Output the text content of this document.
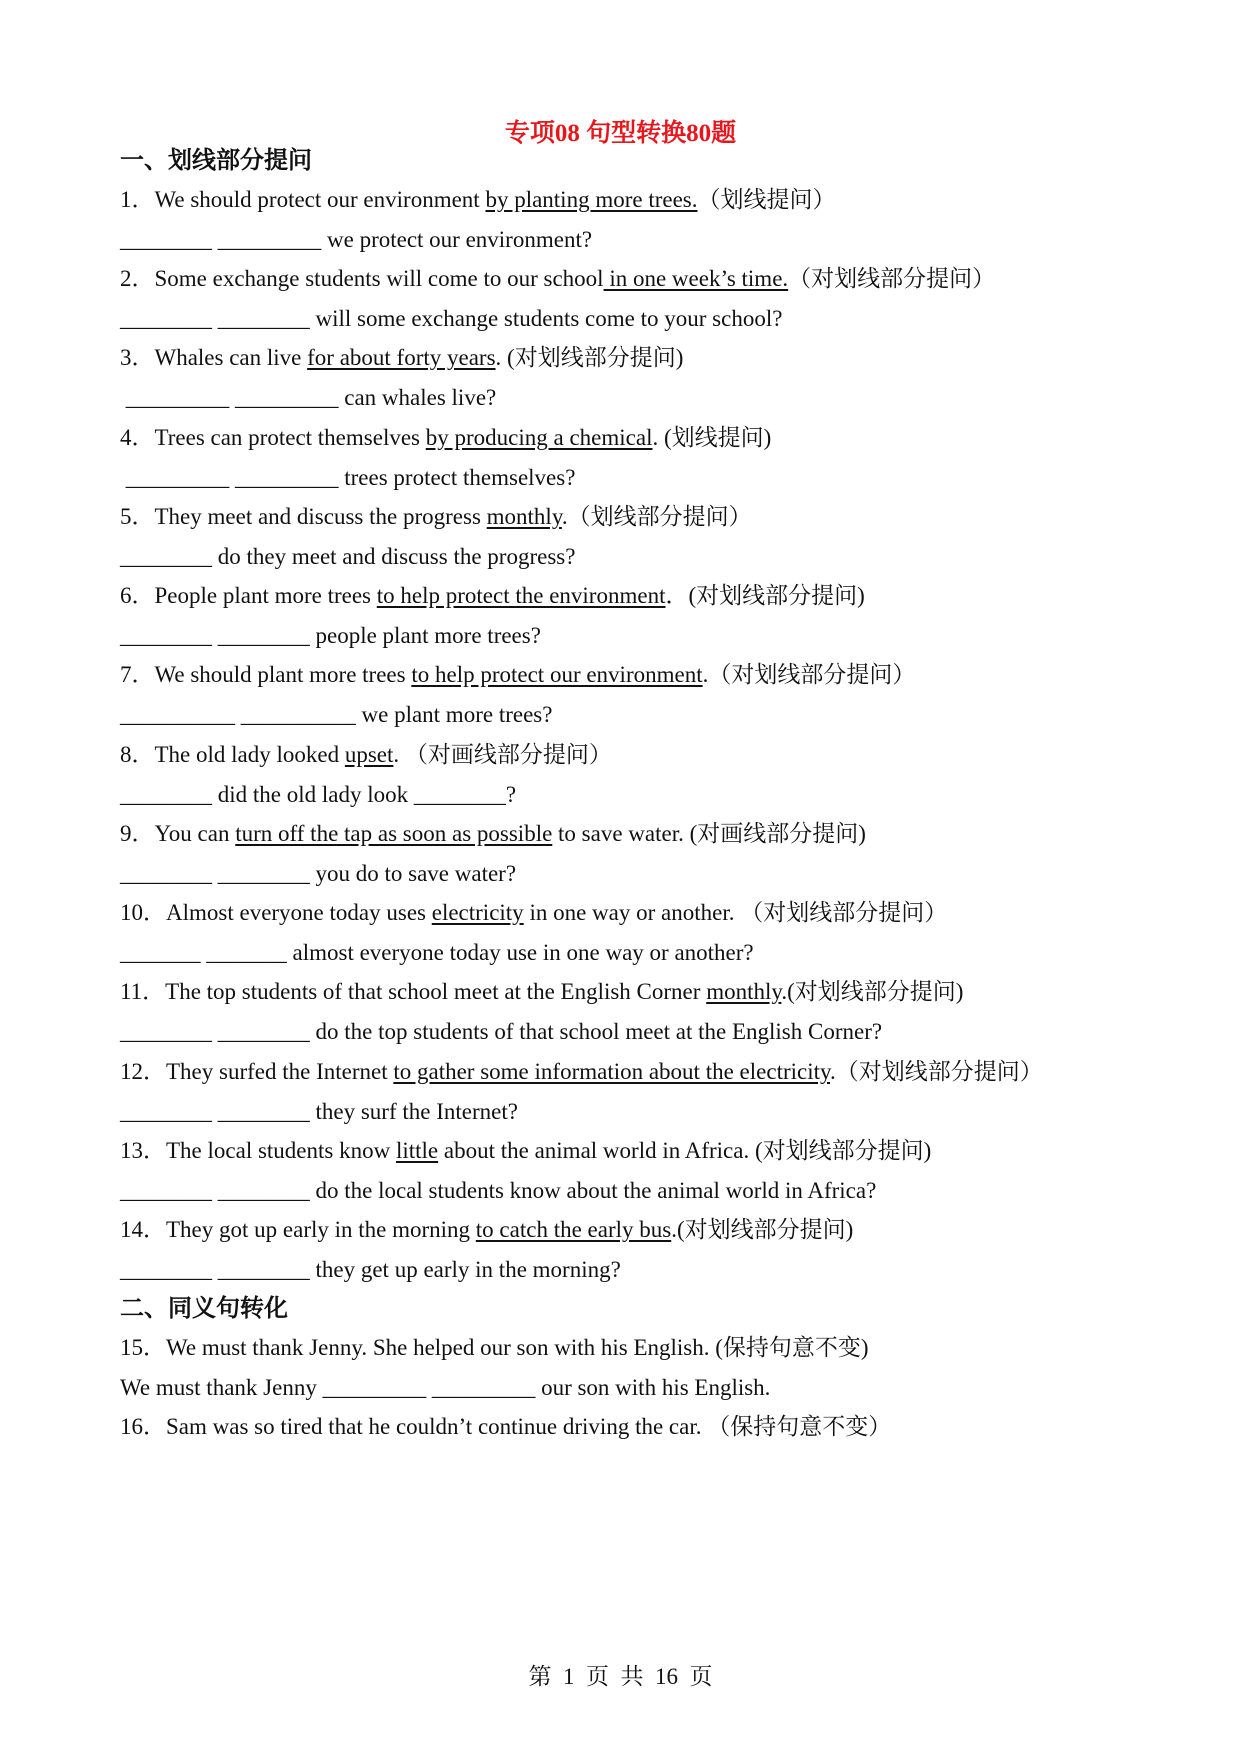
专项08 句型转换80题
一、划线部分提问
1．We should protect our environment by planting more trees.（划线提问）
________ _________ we protect our environment?
2．Some exchange students will come to our school in one week’s time.（对划线部分提问）
________ ________ will some exchange students come to your school?
3．Whales can live for about forty years. (对划线部分提问)
_________ _________ can whales live?
4．Trees can protect themselves by producing a chemical. (划线提问)
_________ _________ trees protect themselves?
5．They meet and discuss the progress monthly.（划线部分提问）
________ do they meet and discuss the progress?
6．People plant more trees to help protect the environment．(对划线部分提问)
________ ________ people plant more trees?
7．We should plant more trees to help protect our environment.（对划线部分提问）
__________ __________ we plant more trees?
8．The old lady looked upset. （对画线部分提问）
________ did the old lady look ________?
9．You can turn off the tap as soon as possible to save water. (对画线部分提问)
________ ________ you do to save water?
10．Almost everyone today uses electricity in one way or another. （对划线部分提问）
_______ _______ almost everyone today use in one way or another?
11．The top students of that school meet at the English Corner monthly.(对划线部分提问)
________ ________ do the top students of that school meet at the English Corner?
12．They surfed the Internet to gather some information about the electricity.（对划线部分提问）
________ ________ they surf the Internet?
13．The local students know little about the animal world in Africa. (对划线部分提问)
________ ________ do the local students know about the animal world in Africa?
14．They got up early in the morning to catch the early bus.(对划线部分提问)
________ ________ they get up early in the morning?
二、同义句转化
15．We must thank Jenny. She helped our son with his English. (保持句意不变)
We must thank Jenny _________ _________ our son with his English.
16．Sam was so tired that he couldn’t continue driving the car. （保持句意不变）
第  1  页  共  16  页
